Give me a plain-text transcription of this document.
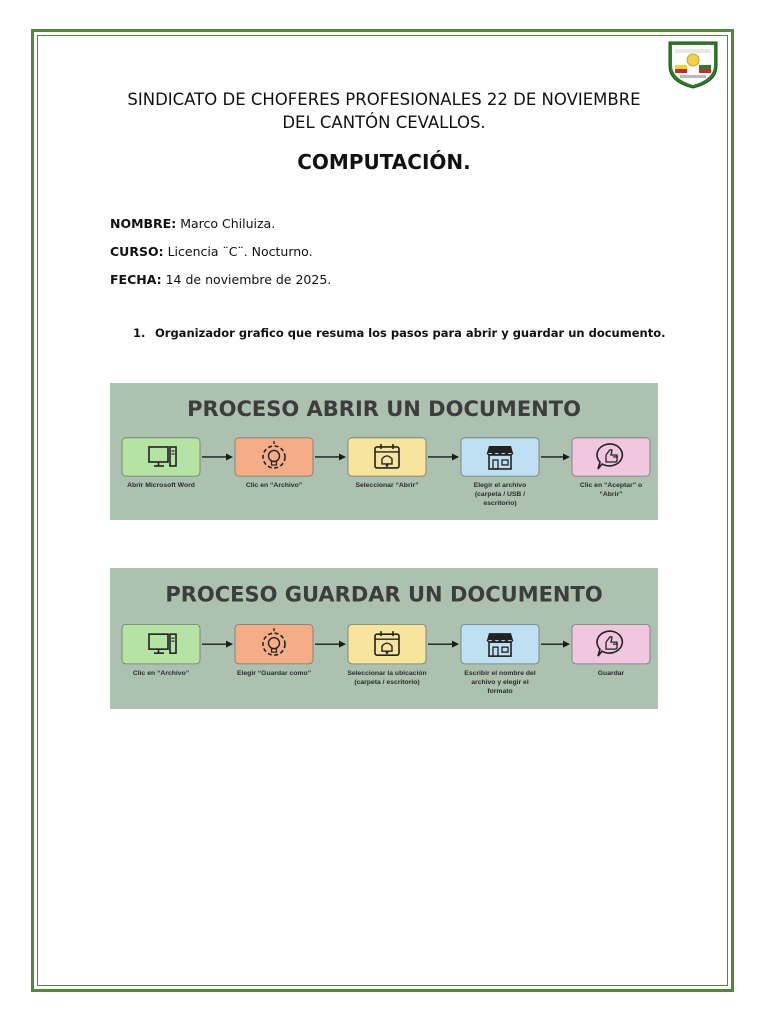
SINDICATO DE CHOFERES PROFESIONALES 22 DE NOVIEMBRE
DEL CANTÓN CEVALLOS.
COMPUTACIÓN.
NOMBRE: Marco Chiluiza.
CURSO: Licencia ¨C¨. Nocturno.
FECHA: 14 de noviembre de 2025.
1. Organizador grafico que resuma los pasos para abrir y guardar un documento.
PROCESO ABRIR UN DOCUMENTO
Abrir Microsoft Word	Clic en “Archivo”	Seleccionar “Abrir”	Elegir el archivo (carpeta / USB / escritorio)
Clic en “Aceptar” o “Abrir”
PROCESO GUARDAR UN DOCUMENTO
Clic en “Archivo”	Elegir “Guardar como”	Seleccionar la ubicación (carpeta / escritorio)
Escribir el nombre del archivo y elegir el formato
Guardar
